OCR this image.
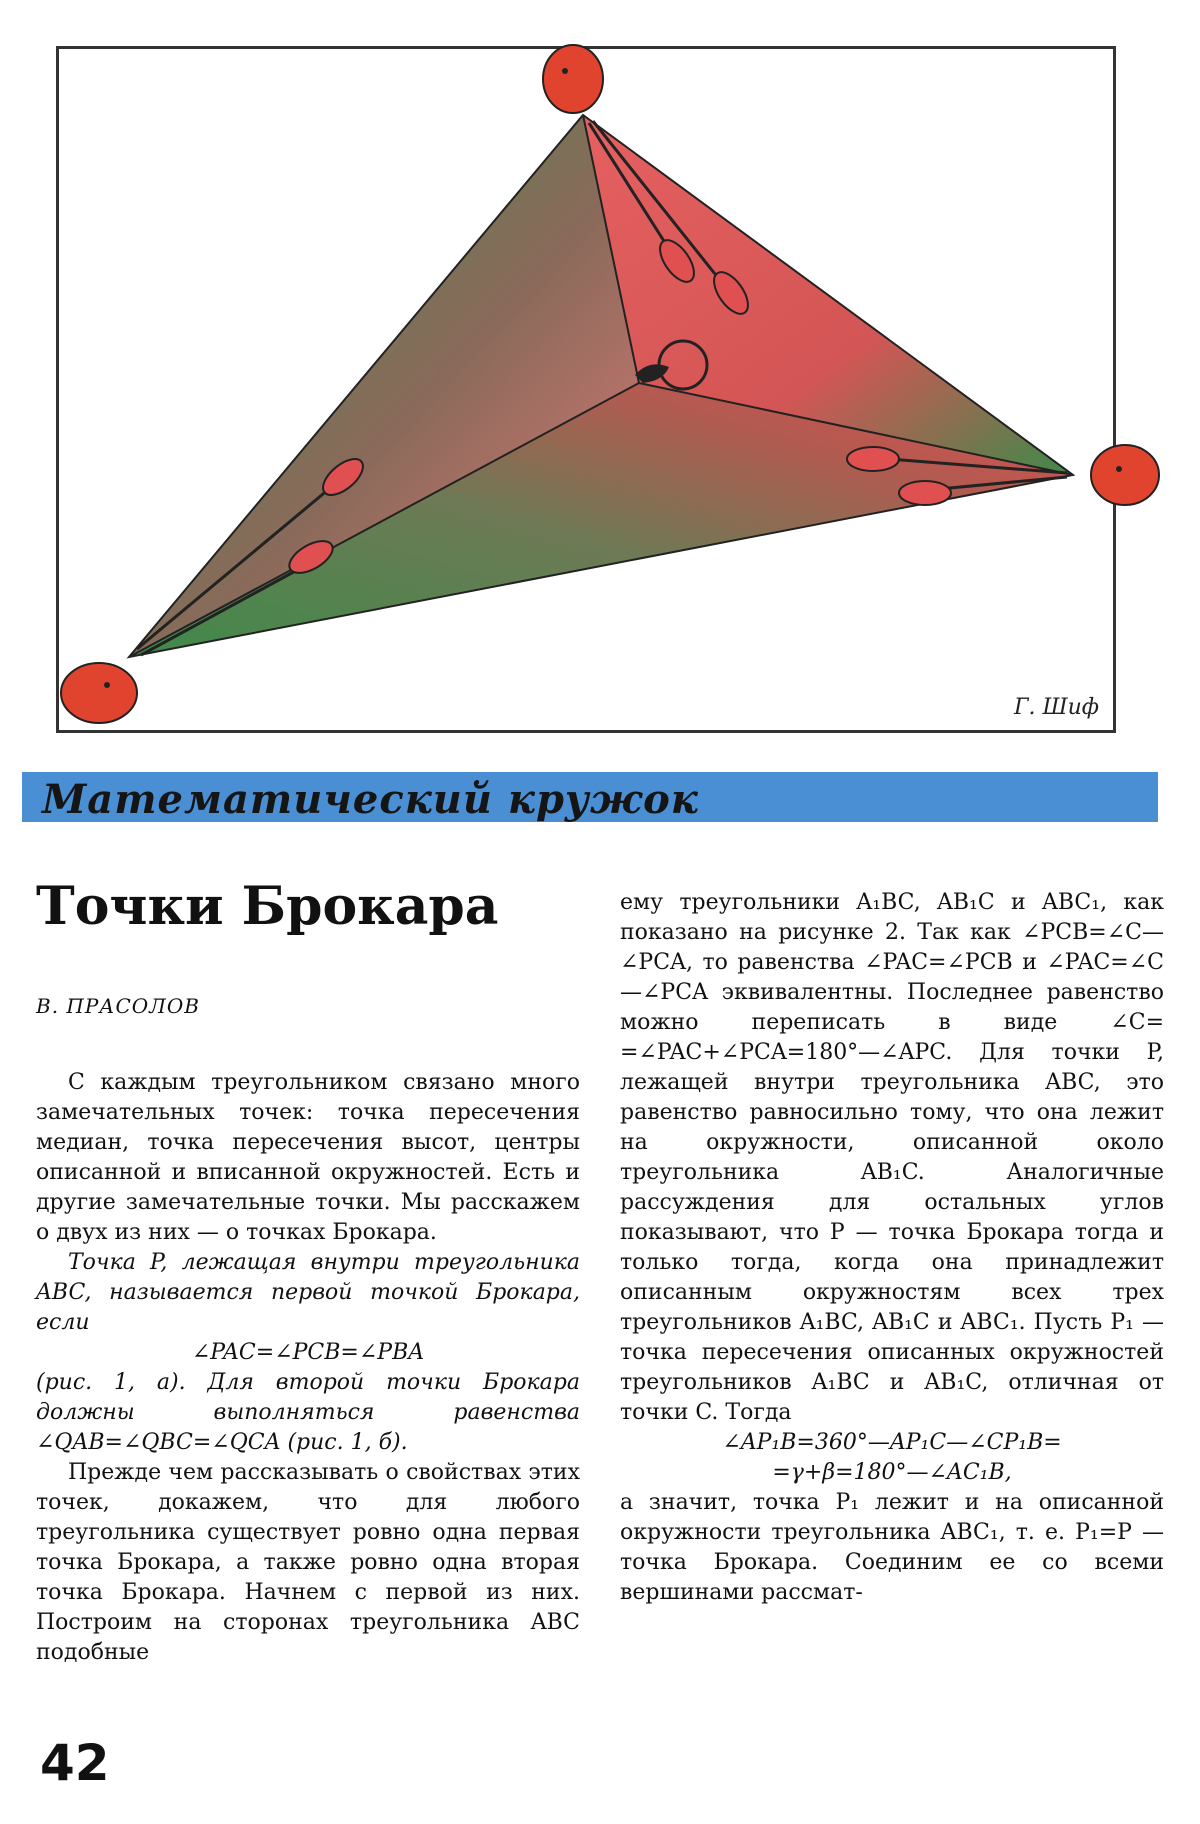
Г. Шиф
Математический кружок
Точки Брокара
В. ПРАСОЛОВ

С каждым треугольником связано много замечательных точек: точка пересечения медиан, точка пересечения высот, центры описанной и вписанной окружностей. Есть и другие замечательные точки. Мы расскажем о двух из них — о точках Брокара.

Точка P, лежащая внутри треугольника ABC, называется первой точкой Брокара, если

∠PAC=∠PCB=∠PBA

(рис. 1, а). Для второй точки Брокара должны выполняться равенства ∠QAB=∠QBC=∠QCA (рис. 1, б).

Прежде чем рассказывать о свойствах этих точек, докажем, что для любого треугольника существует ровно одна первая точка Брокара, а также ровно одна вторая точка Брокара. Начнем с первой из них. Построим на сторонах треугольника ABC подобные

ему треугольники A₁BC, AB₁C и ABC₁, как показано на рисунке 2. Так как ∠PCB=∠C—∠PCA, то равенства ∠PAC=∠PCB и ∠PAC=∠C—∠PCA эквивалентны. Последнее равенство можно переписать в виде ∠C= =∠PAC+∠PCA=180°—∠APC. Для точки P, лежащей внутри треугольника ABC, это равенство равносильно тому, что она лежит на окружности, описанной около треугольника AB₁C. Аналогичные рассуждения для остальных углов показывают, что P — точка Брокара тогда и только тогда, когда она принадлежит описанным окружностям всех трех треугольников A₁BC, AB₁C и ABC₁. Пусть P₁ — точка пересечения описанных окружностей треугольников A₁BC и AB₁C, отличная от точки C. Тогда

∠AP₁B=360°—AP₁C—∠CP₁B=

=γ+β=180°—∠AC₁B,

а значит, точка P₁ лежит и на описанной окружности треугольника ABC₁, т. е. P₁=P — точка Брокара. Соединим ее со всеми вершинами рассмат-

42
